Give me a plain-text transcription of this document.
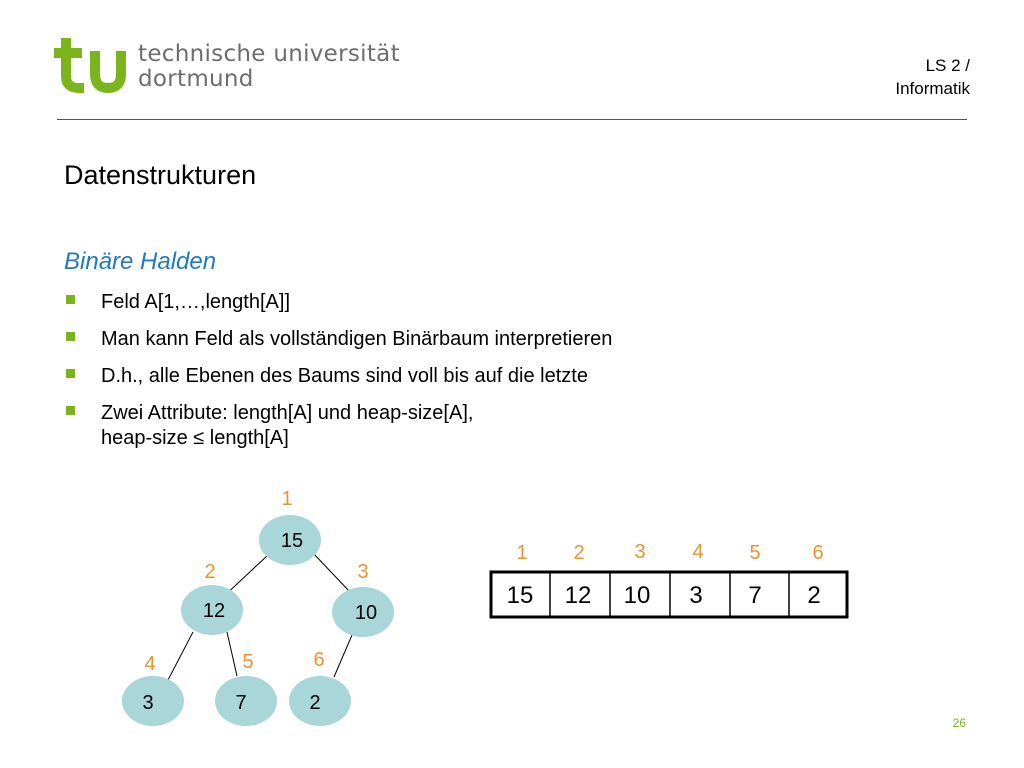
technische universität
dortmund
LS 2 /
Informatik
Datenstrukturen
Binäre Halden
Feld A[1,…,length[A]]
Man kann Feld als vollständigen Binärbaum interpretieren
D.h., alle Ebenen des Baums sind voll bis auf die letzte
Zwei Attribute: length[A] und heap-size[A],
heap-size ≤ length[A]
15
12	10
3	7	2
1
2	3
4	5	6
1 2 3 4 5	6
15 12 10 3 7 2
26
